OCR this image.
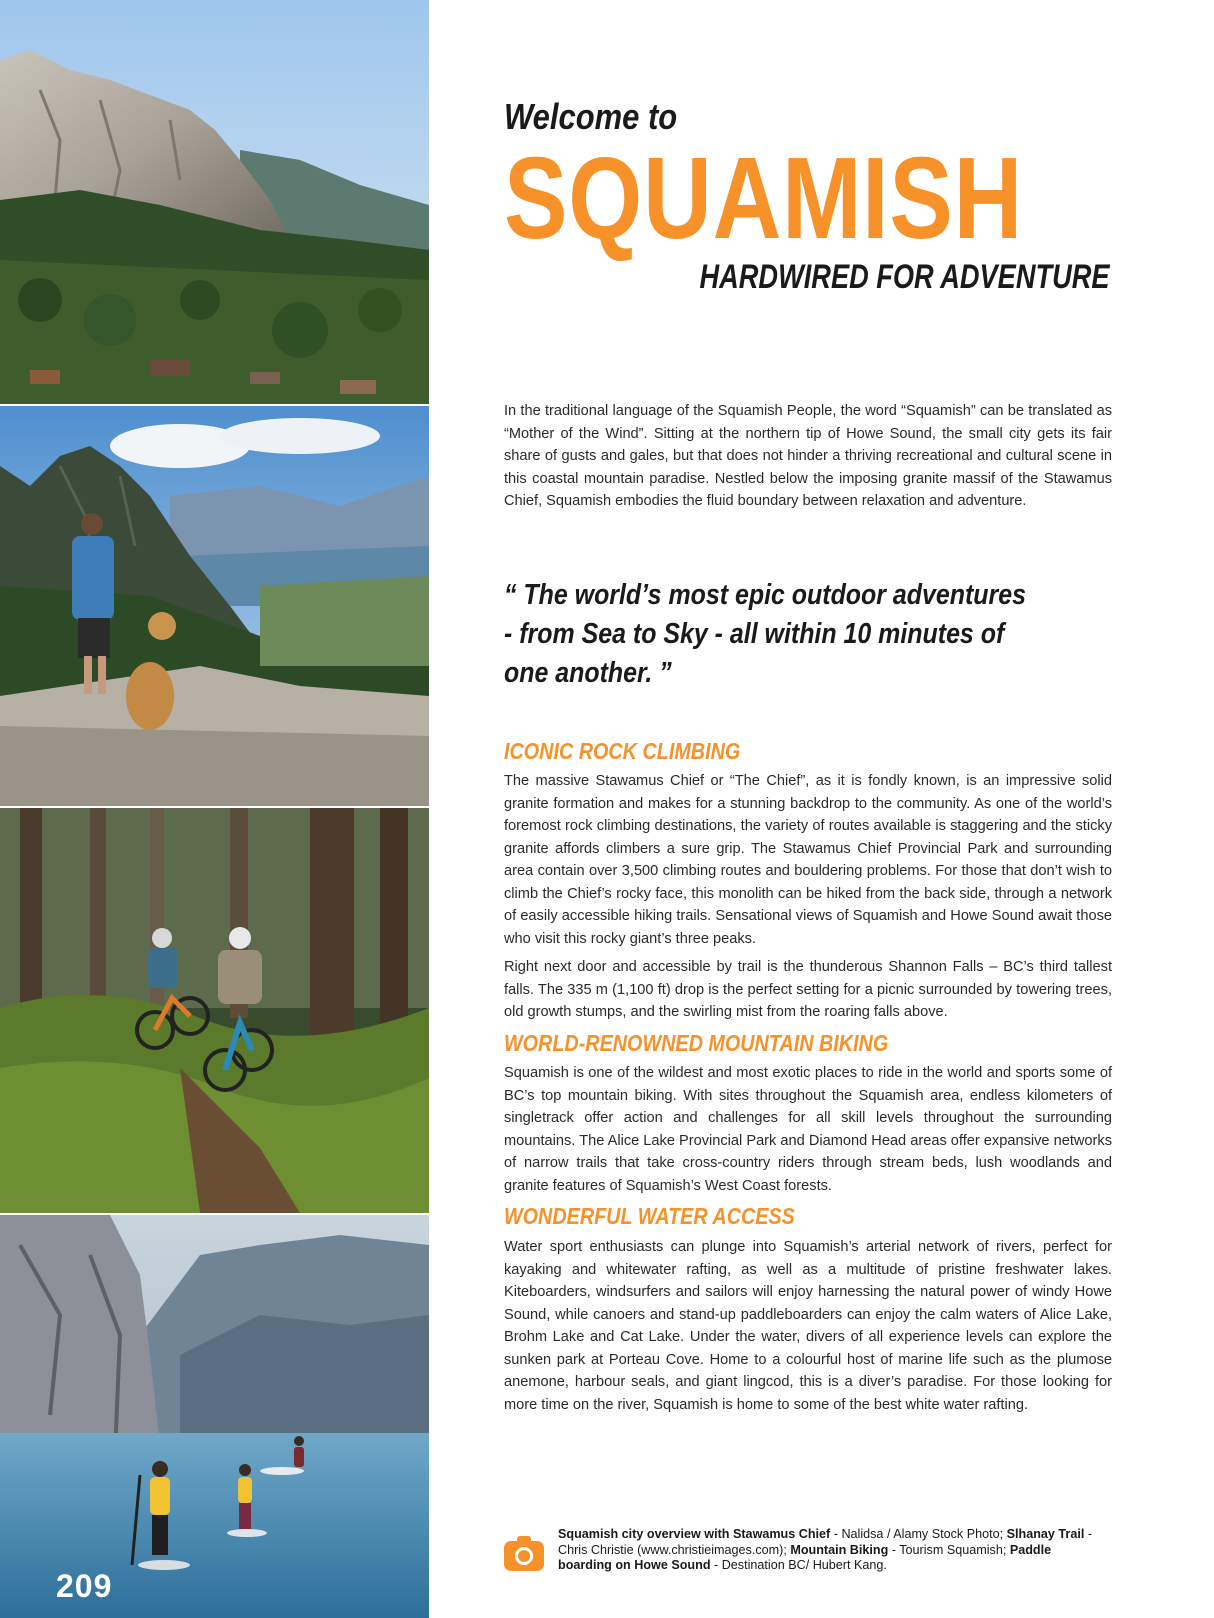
209
Welcome to
SQUAMISH
HARDWIRED FOR ADVENTURE

In the traditional language of the Squamish People, the word “Squamish” can be translated as “Mother of the Wind”. Sitting at the northern tip of Howe Sound, the small city gets its fair share of gusts and gales, but that does not hinder a thriving recreational and cultural scene in this coastal mountain paradise. Nestled below the imposing granite massif of the Stawamus Chief, Squamish embodies the fluid boundary between relaxation and adventure.

“ The world’s most epic outdoor adventures
- from Sea to Sky - all within 10 minutes of
one another. ”
ICONIC ROCK CLIMBING

The massive Stawamus Chief or “The Chief”, as it is fondly known, is an impressive solid granite formation and makes for a stunning backdrop to the community. As one of the world’s foremost rock climbing destinations, the variety of routes available is staggering and the sticky granite affords climbers a sure grip. The Stawamus Chief Provincial Park and surrounding area contain over 3,500 climbing routes and bouldering problems. For those that don’t wish to climb the Chief’s rocky face, this monolith can be hiked from the back side, through a network of easily accessible hiking trails. Sensational views of Squamish and Howe Sound await those who visit this rocky giant’s three peaks.

Right next door and accessible by trail is the thunderous Shannon Falls – BC’s third tallest falls. The 335 m (1,100 ft) drop is the perfect setting for a picnic surrounded by towering trees, old growth stumps, and the swirling mist from the roaring falls above.

WORLD-RENOWNED MOUNTAIN BIKING

Squamish is one of the wildest and most exotic places to ride in the world and sports some of BC’s top mountain biking. With sites throughout the Squamish area, endless kilometers of singletrack offer action and challenges for all skill levels throughout the surrounding mountains. The Alice Lake Provincial Park and Diamond Head areas offer expansive networks of narrow trails that take cross-country riders through stream beds, lush woodlands and granite features of Squamish’s West Coast forests.

WONDERFUL WATER ACCESS

Water sport enthusiasts can plunge into Squamish’s arterial network of rivers, perfect for kayaking and whitewater rafting, as well as a multitude of pristine freshwater lakes. Kiteboarders, windsurfers and sailors will enjoy harnessing the natural power of windy Howe Sound, while canoers and stand-up paddleboarders can enjoy the calm waters of Alice Lake, Brohm Lake and Cat Lake. Under the water, divers of all experience levels can explore the sunken park at Porteau Cove. Home to a colourful host of marine life such as the plumose anemone, harbour seals, and giant lingcod, this is a diver’s paradise. For those looking for more time on the river, Squamish is home to some of the best white water rafting.

Squamish city overview with Stawamus Chief - Nalidsa / Alamy Stock Photo; Slhanay Trail - Chris Christie (www.christieimages.com); Mountain Biking - Tourism Squamish; Paddle boarding on Howe Sound - Destination BC/ Hubert Kang.
